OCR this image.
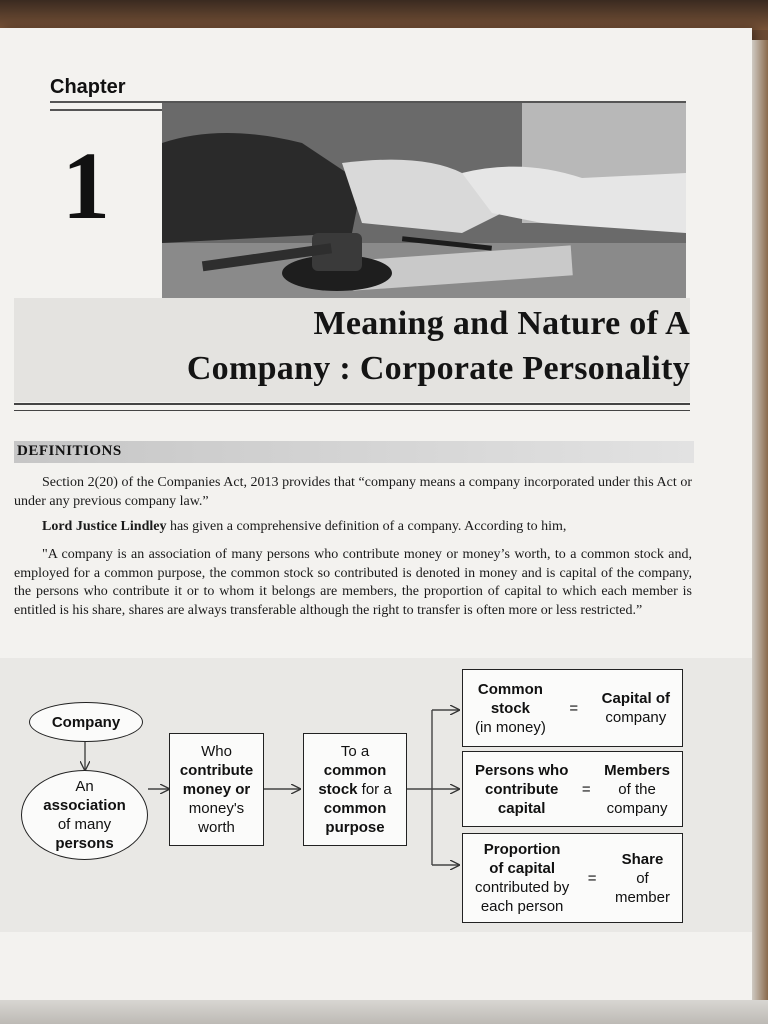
Chapter
1
Meaning and Nature of A
Company : Corporate Personality
DEFINITIONS

Section 2(20) of the Companies Act, 2013 provides that “company means a company incorporated under this Act or under any previous company law.”

Lord Justice Lindley has given a comprehensive definition of a company. According to him,

"A company is an association of many persons who contribute money or money’s worth, to a common stock and, employed for a common purpose, the common stock so contributed is denoted in money and is capital of the company, the persons who contribute it or to whom it belongs are members, the proportion of capital to which each member is entitled is his share, shares are always transferable although the right to transfer is often more or less restricted.”

Company
An
association
of many
persons
Who
contribute
money or
money's
worth
To a
common
stock for a
common
purpose
Common
stock
(in money)
=
Capital of
company
Persons who
contribute
capital
=
Members
of the
company
Proportion
of capital
contributed by
each person
=
Share
of
member
